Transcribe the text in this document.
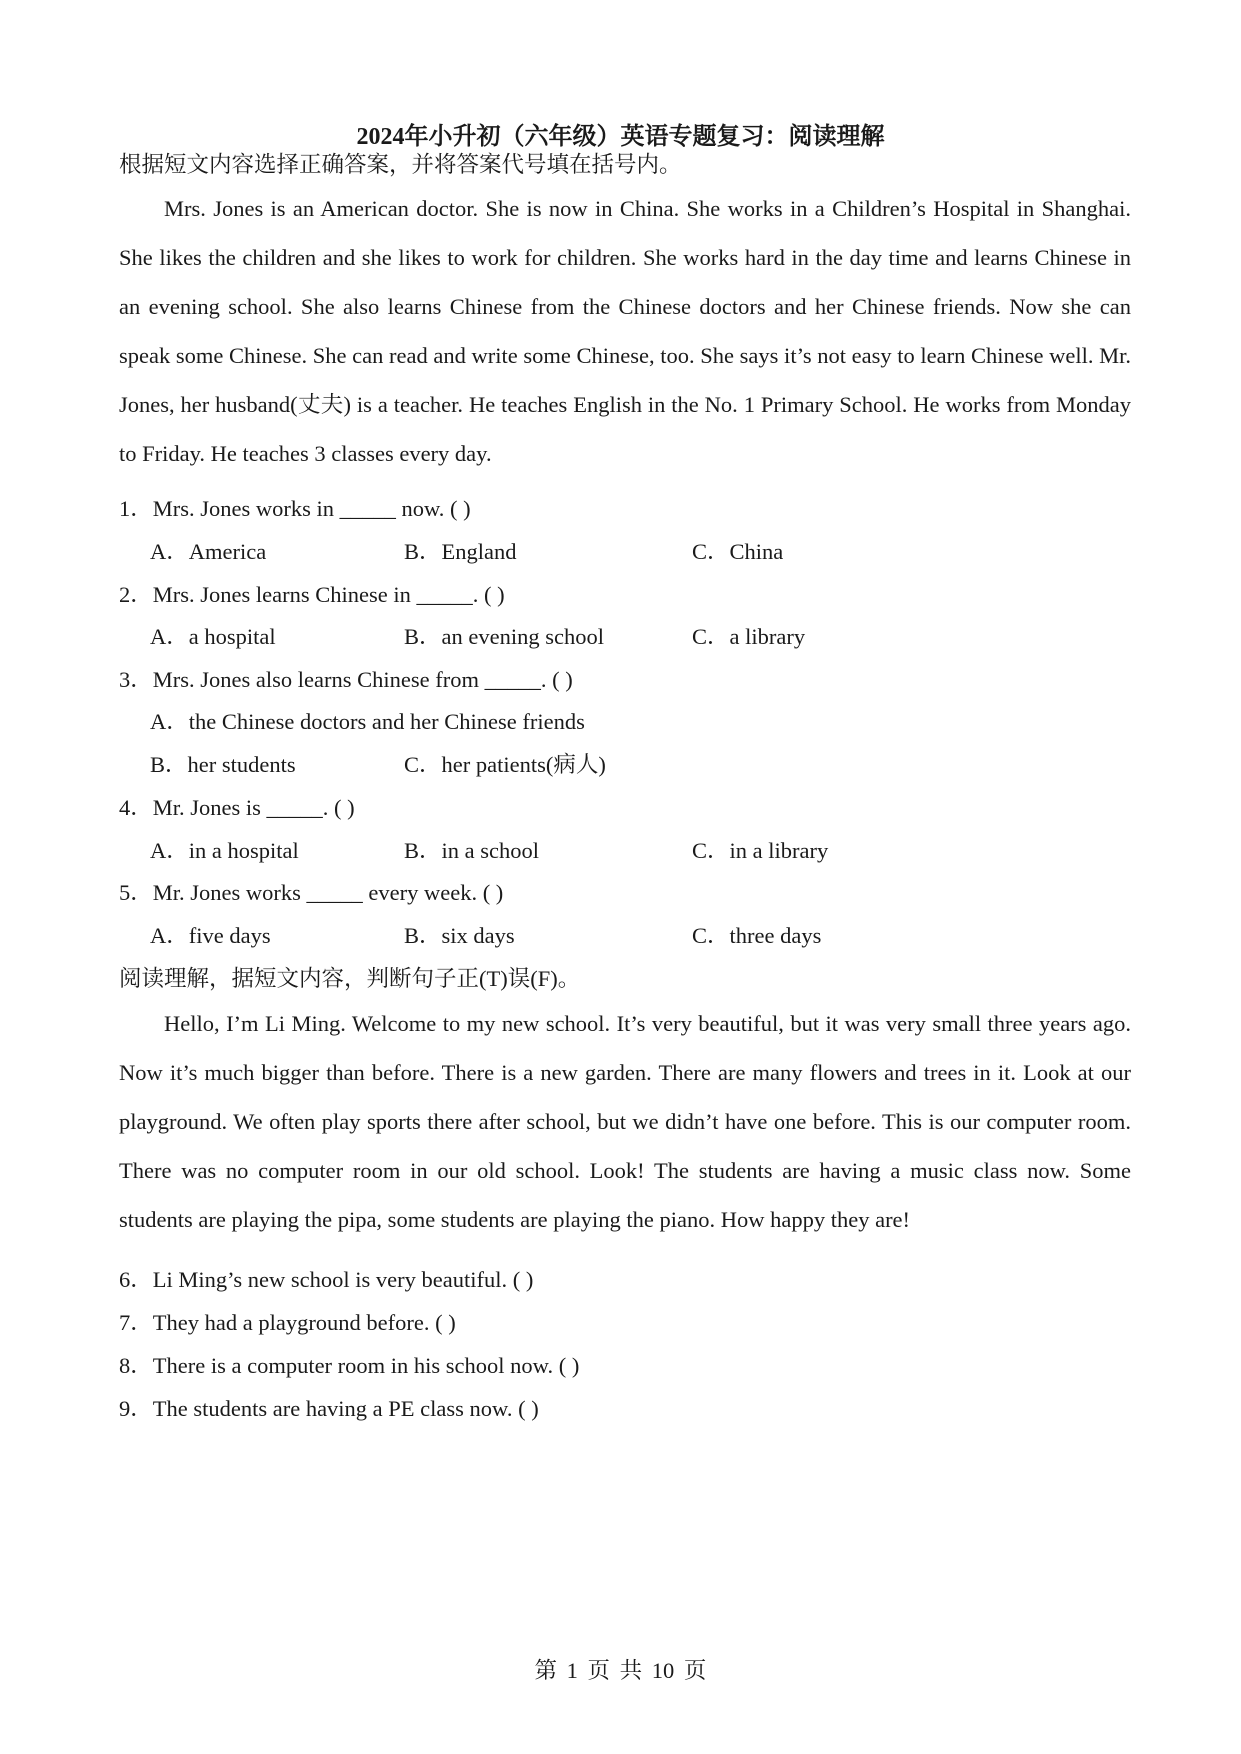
2024年小升初（六年级）英语专题复习：阅读理解
根据短文内容选择正确答案，并将答案代号填在括号内。
Mrs. Jones is an American doctor. She is now in China. She works in a Children’s Hospital in Shanghai. She likes the children and she likes to work for children. She works hard in the day time and learns Chinese in an evening school. She also learns Chinese from the Chinese doctors and her Chinese friends. Now she can speak some Chinese. She can read and write some Chinese, too. She says it’s not easy to learn Chinese well. Mr. Jones, her husband(丈夫) is a teacher. He teaches English in the No. 1 Primary School. He works from Monday to Friday. He teaches 3 classes every day.
1．Mrs. Jones works in _____ now. ( )
A．America	B．England	C．China
2．Mrs. Jones learns Chinese in _____. ( )
A．a hospital	B．an evening school	C．a library
3．Mrs. Jones also learns Chinese from _____. ( )
A．the Chinese doctors and her Chinese friends
B．her students	C．her patients(病人)
4．Mr. Jones is _____. ( )
A．in a hospital	B．in a school	C．in a library
5．Mr. Jones works _____ every week. ( )
A．five days	B．six days	C．three days
阅读理解，据短文内容，判断句子正(T)误(F)。
Hello, I’m Li Ming. Welcome to my new school. It’s very beautiful, but it was very small three years ago. Now it’s much bigger than before. There is a new garden. There are many flowers and trees in it. Look at our playground. We often play sports there after school, but we didn’t have one before. This is our computer room. There was no computer room in our old school. Look! The students are having a music class now. Some students are playing the pipa, some students are playing the piano. How happy they are!
6．Li Ming’s new school is very beautiful. ( )
7．They had a playground before. ( )
8．There is a computer room in his school now. ( )
9．The students are having a PE class now. ( )
第 1 页 共 10 页
